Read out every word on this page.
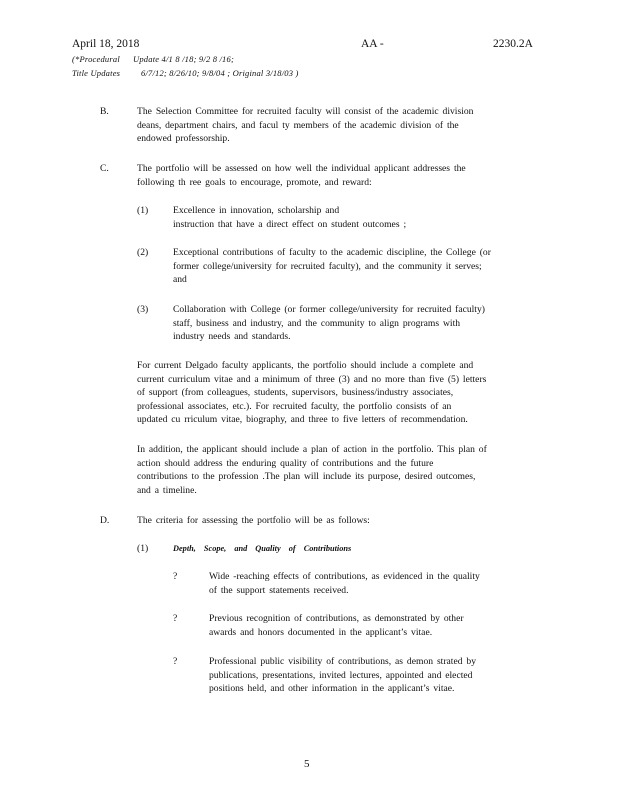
April 18, 2018	AA -	2230.2A
(*Procedural Update 4/1 8 /18; 9/2 8 /16;
Title Updates 6/7/12; 8/26/10; 9/8/04 ; Original 3/18/03 )
B.	The Selection Committee for recruited faculty will consist of the academic division
deans, department chairs, and facul ty members of the academic division of the
endowed professorship.
C.	The portfolio will be assessed on how well the individual applicant addresses the
following th ree goals to encourage, promote, and reward:
(1)	Excellence in innovation, scholarship and
instruction that have a direct effect on student outcomes ;
(2)	Exceptional contributions of faculty to the academic discipline, the College (or
former college/university for recruited faculty), and the community it serves;
and
(3)	Collaboration with College (or former college/university for recruited faculty)
staff, business and industry, and the community to align programs with
industry needs and standards.
For current Delgado faculty applicants, the portfolio should include a complete and
current curriculum vitae and a minimum of three (3) and no more than five (5) letters
of support (from colleagues, students, supervisors, business/industry associates,
professional associates, etc.). For recruited faculty, the portfolio consists of an
updated cu rriculum vitae, biography, and three to five letters of recommendation.
In addition, the applicant should include a plan of action in the portfolio. This plan of
action should address the enduring quality of contributions and the future
contributions to the profession .The plan will include its purpose, desired outcomes,
and a timeline.
D.	The criteria for assessing the portfolio will be as follows:
(1)	Depth, Scope, and Quality of Contributions
?	Wide -reaching effects of contributions, as evidenced in the quality
of the support statements received.
?	Previous recognition of contributions, as demonstrated by other
awards and honors documented in the applicant’s vitae.
?	Professional public visibility of contributions, as demon strated by
publications, presentations, invited lectures, appointed and elected
positions held, and other information in the applicant’s vitae.
5
